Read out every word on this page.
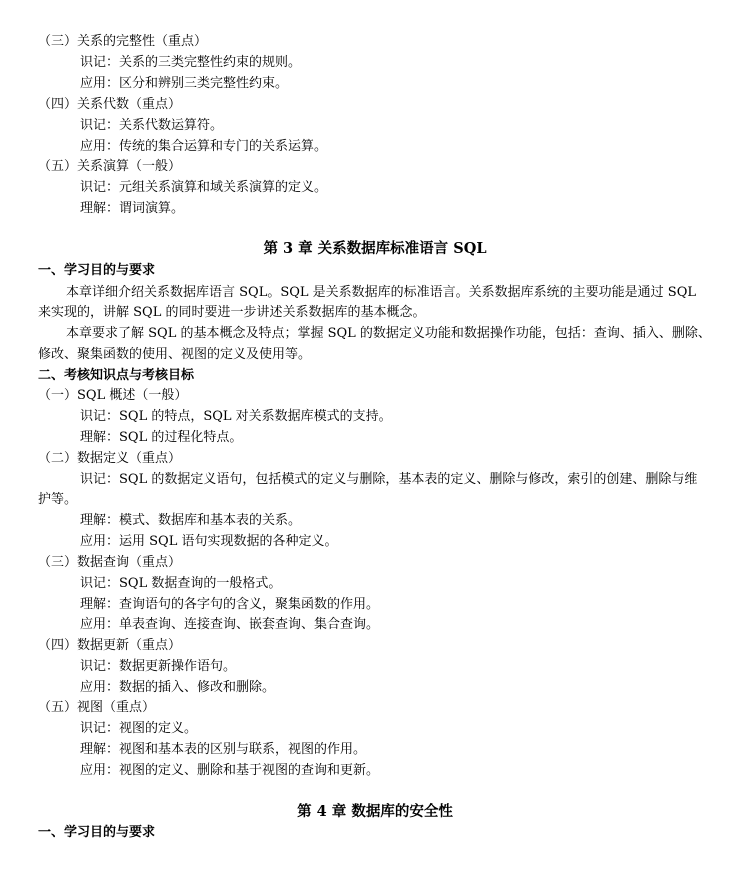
（三）关系的完整性（重点）
识记：关系的三类完整性约束的规则。
应用：区分和辨别三类完整性约束。
（四）关系代数（重点）
识记：关系代数运算符。
应用：传统的集合运算和专门的关系运算。
（五）关系演算（一般）
识记：元组关系演算和域关系演算的定义。
理解：谓词演算。
第 3 章 关系数据库标准语言 SQL
一、学习目的与要求
本章详细介绍关系数据库语言 SQL。SQL 是关系数据库的标准语言。关系数据库系统的主要功能是通过 SQL
来实现的，讲解 SQL 的同时要进一步讲述关系数据库的基本概念。
本章要求了解 SQL 的基本概念及特点；掌握 SQL 的数据定义功能和数据操作功能，包括：查询、插入、删除、
修改、聚集函数的使用、视图的定义及使用等。
二、考核知识点与考核目标
（一）SQL 概述（一般）
识记：SQL 的特点，SQL 对关系数据库模式的支持。
理解：SQL 的过程化特点。
（二）数据定义（重点）
识记：SQL 的数据定义语句，包括模式的定义与删除，基本表的定义、删除与修改，索引的创建、删除与维
护等。
理解：模式、数据库和基本表的关系。
应用：运用 SQL 语句实现数据的各种定义。
（三）数据查询（重点）
识记：SQL 数据查询的一般格式。
理解：查询语句的各字句的含义，聚集函数的作用。
应用：单表查询、连接查询、嵌套查询、集合查询。
（四）数据更新（重点）
识记：数据更新操作语句。
应用：数据的插入、修改和删除。
（五）视图（重点）
识记：视图的定义。
理解：视图和基本表的区别与联系，视图的作用。
应用：视图的定义、删除和基于视图的查询和更新。
第 4 章 数据库的安全性
一、学习目的与要求
